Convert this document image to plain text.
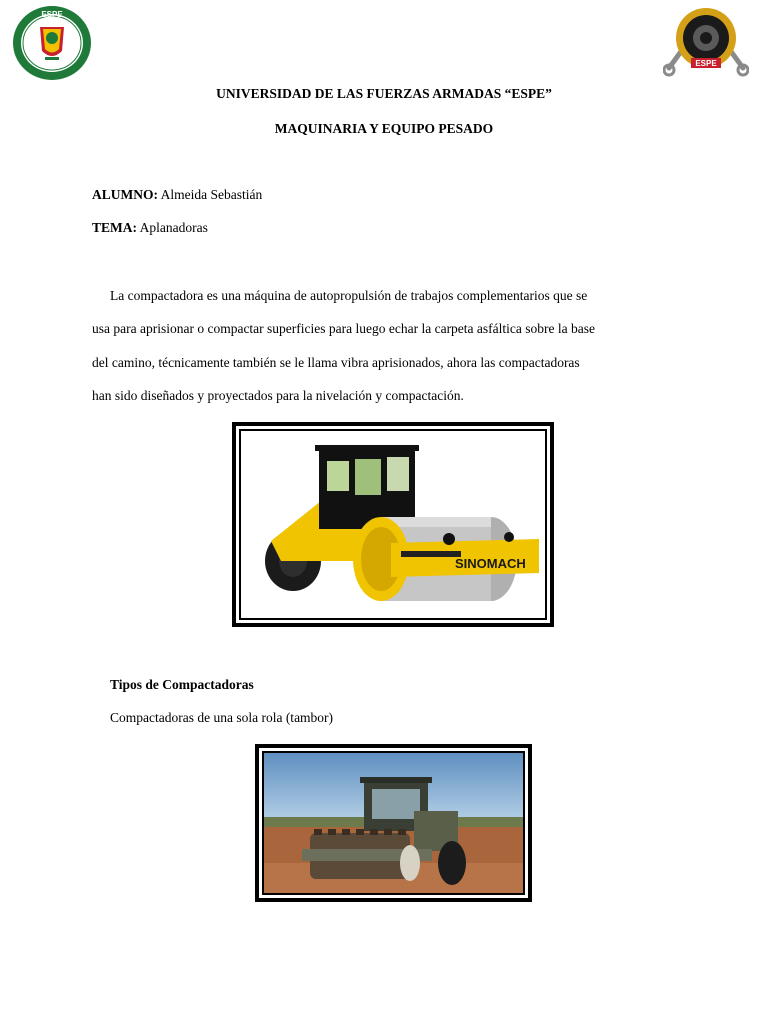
ESPE
ESPE
UNIVERSIDAD DE LAS FUERZAS ARMADAS “ESPE”
MAQUINARIA Y EQUIPO PESADO
ALUMNO: Almeida Sebastián
TEMA: Aplanadoras
La compactadora es una máquina de autopropulsión de trabajos complementarios que se
usa para aprisionar o compactar superficies para luego echar la carpeta asfáltica sobre la base
del camino, técnicamente también se le llama vibra aprisionados, ahora las compactadoras
han sido diseñados y proyectados para la nivelación y compactación.
SINOMACH
Tipos de Compactadoras
Compactadoras de una sola rola (tambor)
